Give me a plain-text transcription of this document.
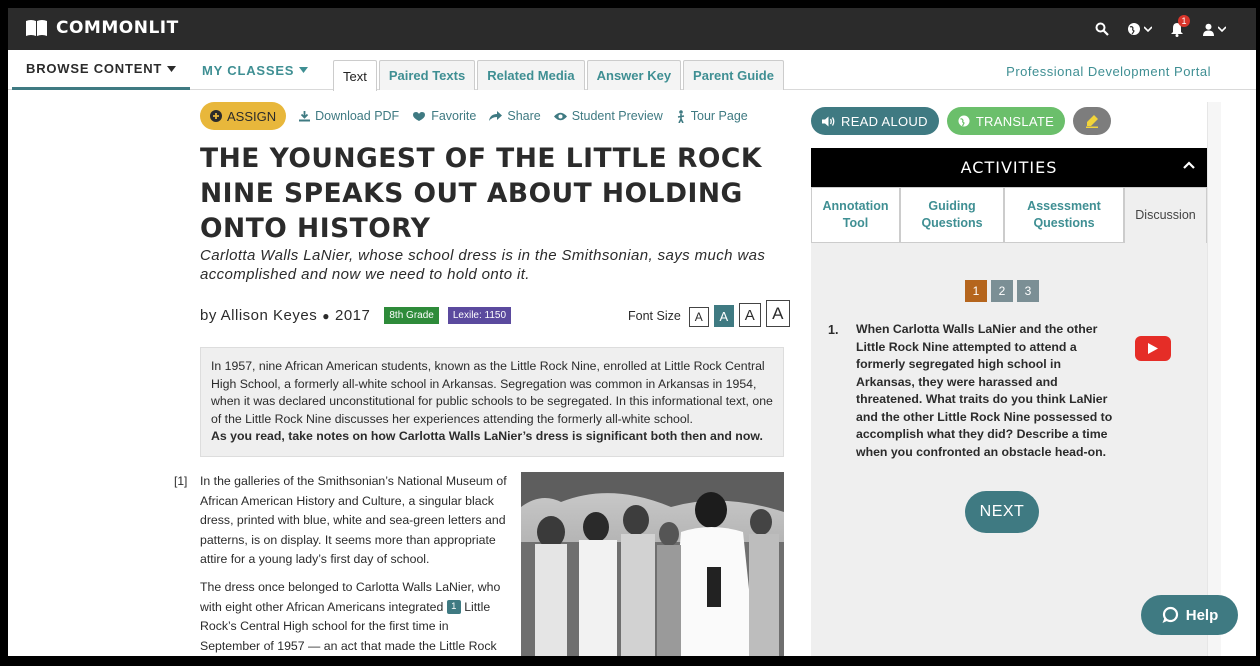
COMMONLIT	1
BROWSE CONTENT	MY CLASSES	Text	Paired Texts	Related Media	Answer Key	Parent Guide	Professional Development Portal
ASSIGN	Download PDF	Favorite Share Student Preview Tour Page
THE YOUNGEST OF THE LITTLE ROCK NINE SPEAKS OUT ABOUT HOLDING ONTO HISTORY
Carlotta Walls LaNier, whose school dress is in the Smithsonian, says much was accomplished and now we need to hold onto it.
by Allison Keyes ● 2017	8th Grade	Lexile: 1150	Font Size	A	A	A	A
In 1957, nine African American students, known as the Little Rock Nine, enrolled at Little Rock Central High School, a formerly all-white school in Arkansas. Segregation was common in Arkansas in 1954, when it was declared unconstitutional for public schools to be segregated. In this informational text, one of the Little Rock Nine discusses her experiences attending the formerly all-white school.
As you read, take notes on how Carlotta Walls LaNier’s dress is significant both then and now.
[1] In the galleries of the Smithsonian’s National Museum of African American History and Culture, a singular black dress, printed with blue, white and sea-green letters and patterns, is on display. It seems more than appropriate attire for a young lady’s first day of school.

The dress once belonged to Carlotta Walls LaNier, who with eight other African Americans integrated 1 Little Rock’s Central High school for the first time in September of 1957 — an act that made the Little Rock

READ ALOUD	TRANSLATE
ACTIVITIES
Annotation Tool
Guiding Questions
Assessment Questions
Discussion
1	2	3
1. When Carlotta Walls LaNier and the other Little Rock Nine attempted to attend a formerly segregated high school in Arkansas, they were harassed and threatened. What traits do you think LaNier and the other Little Rock Nine possessed to accomplish what they did? Describe a time when you confronted an obstacle head-on.
NEXT
Help
